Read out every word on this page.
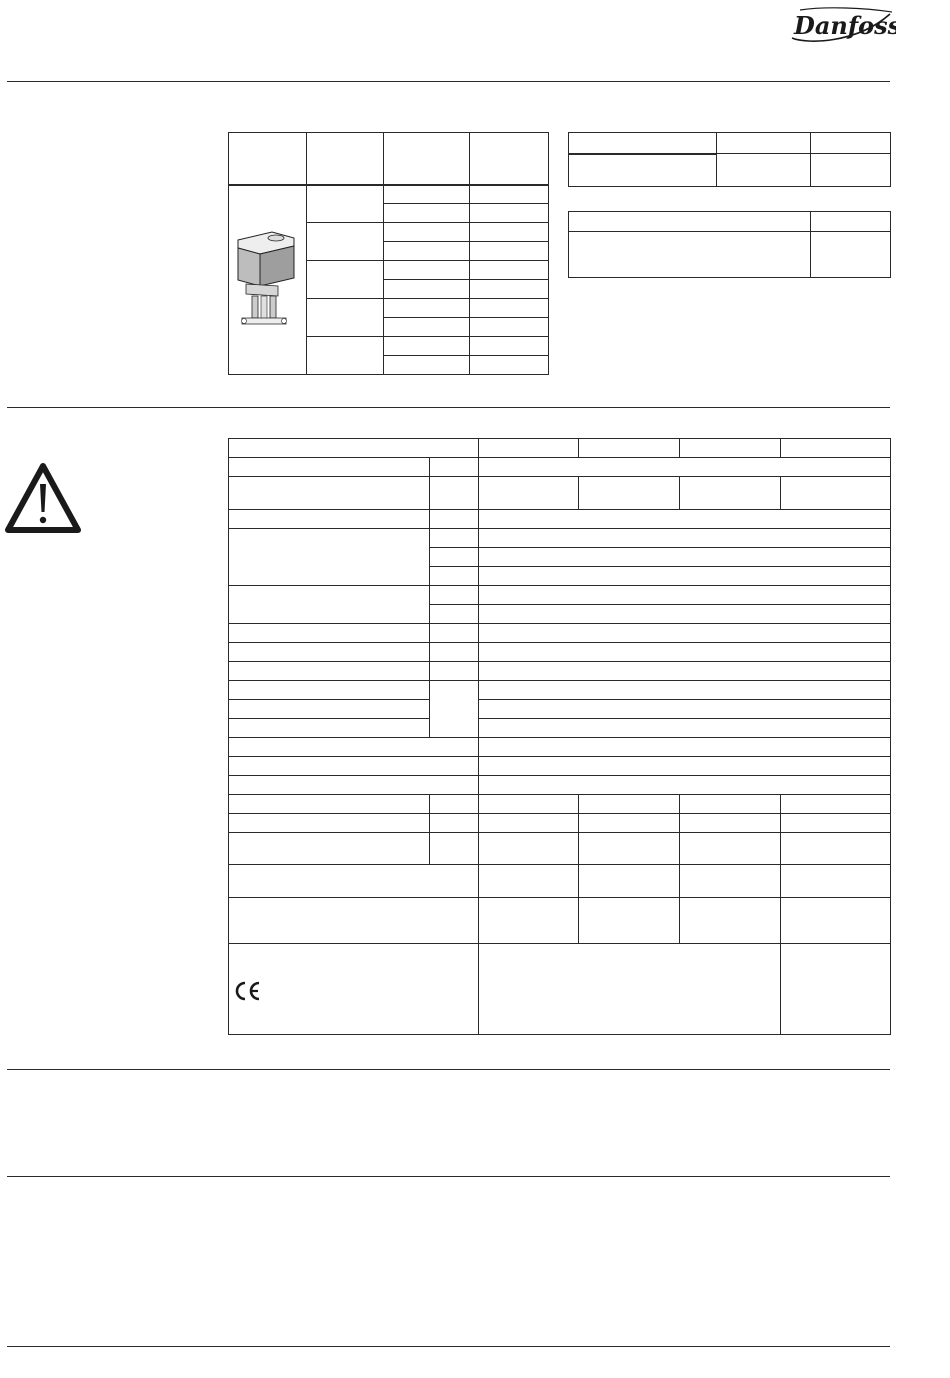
Danfoss
